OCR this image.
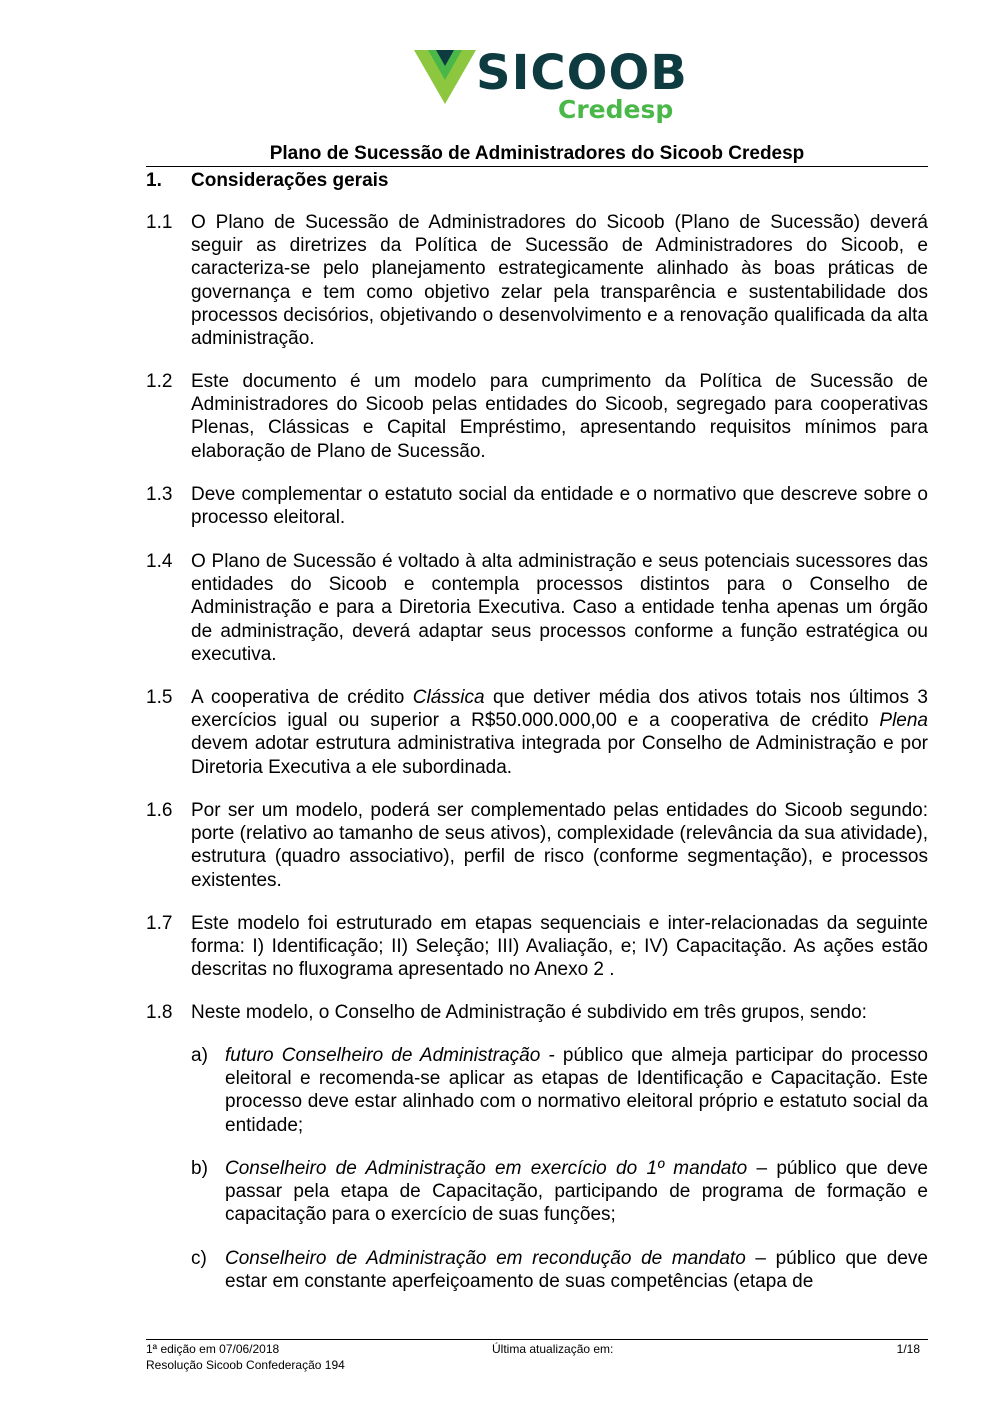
SICOOB
Credesp
Plano de Sucessão de Administradores do Sicoob Credesp
1. Considerações gerais
1.1 O Plano de Sucessão de Administradores do Sicoob (Plano de Sucessão) deverá seguir as diretrizes da Política de Sucessão de Administradores do Sicoob, e caracteriza-se pelo planejamento estrategicamente alinhado às boas práticas de governança e tem como objetivo zelar pela transparência e sustentabilidade dos processos decisórios, objetivando o desenvolvimento e a renovação qualificada da alta administração.
1.2 Este documento é um modelo para cumprimento da Política de Sucessão de Administradores do Sicoob pelas entidades do Sicoob, segregado para cooperativas Plenas, Clássicas e Capital Empréstimo, apresentando requisitos mínimos para elaboração de Plano de Sucessão.
1.3 Deve complementar o estatuto social da entidade e o normativo que descreve sobre o processo eleitoral.
1.4 O Plano de Sucessão é voltado à alta administração e seus potenciais sucessores das entidades do Sicoob e contempla processos distintos para o Conselho de Administração e para a Diretoria Executiva. Caso a entidade tenha apenas um órgão de administração, deverá adaptar seus processos conforme a função estratégica ou executiva.
1.5 A cooperativa de crédito Clássica que detiver média dos ativos totais nos últimos 3 exercícios igual ou superior a R$50.000.000,00 e a cooperativa de crédito Plena devem adotar estrutura administrativa integrada por Conselho de Administração e por Diretoria Executiva a ele subordinada.
1.6 Por ser um modelo, poderá ser complementado pelas entidades do Sicoob segundo: porte (relativo ao tamanho de seus ativos), complexidade (relevância da sua atividade), estrutura (quadro associativo), perfil de risco (conforme segmentação), e processos existentes.
1.7 Este modelo foi estruturado em etapas sequenciais e inter-relacionadas da seguinte forma: I) Identificação; II) Seleção; III) Avaliação, e; IV) Capacitação. As ações estão descritas no fluxograma apresentado no Anexo 2 .
1.8 Neste modelo, o Conselho de Administração é subdivido em três grupos, sendo:
a) futuro Conselheiro de Administração - público que almeja participar do processo eleitoral e recomenda-se aplicar as etapas de Identificação e Capacitação. Este processo deve estar alinhado com o normativo eleitoral próprio e estatuto social da entidade;
b) Conselheiro de Administração em exercício do 1º mandato – público que deve passar pela etapa de Capacitação, participando de programa de formação e capacitação para o exercício de suas funções;
c) Conselheiro de Administração em recondução de mandato – público que deve estar em constante aperfeiçoamento de suas competências (etapa de
1ª edição em 07/06/2018
Resolução Sicoob Confederação 194
Última atualização em:	1/18
